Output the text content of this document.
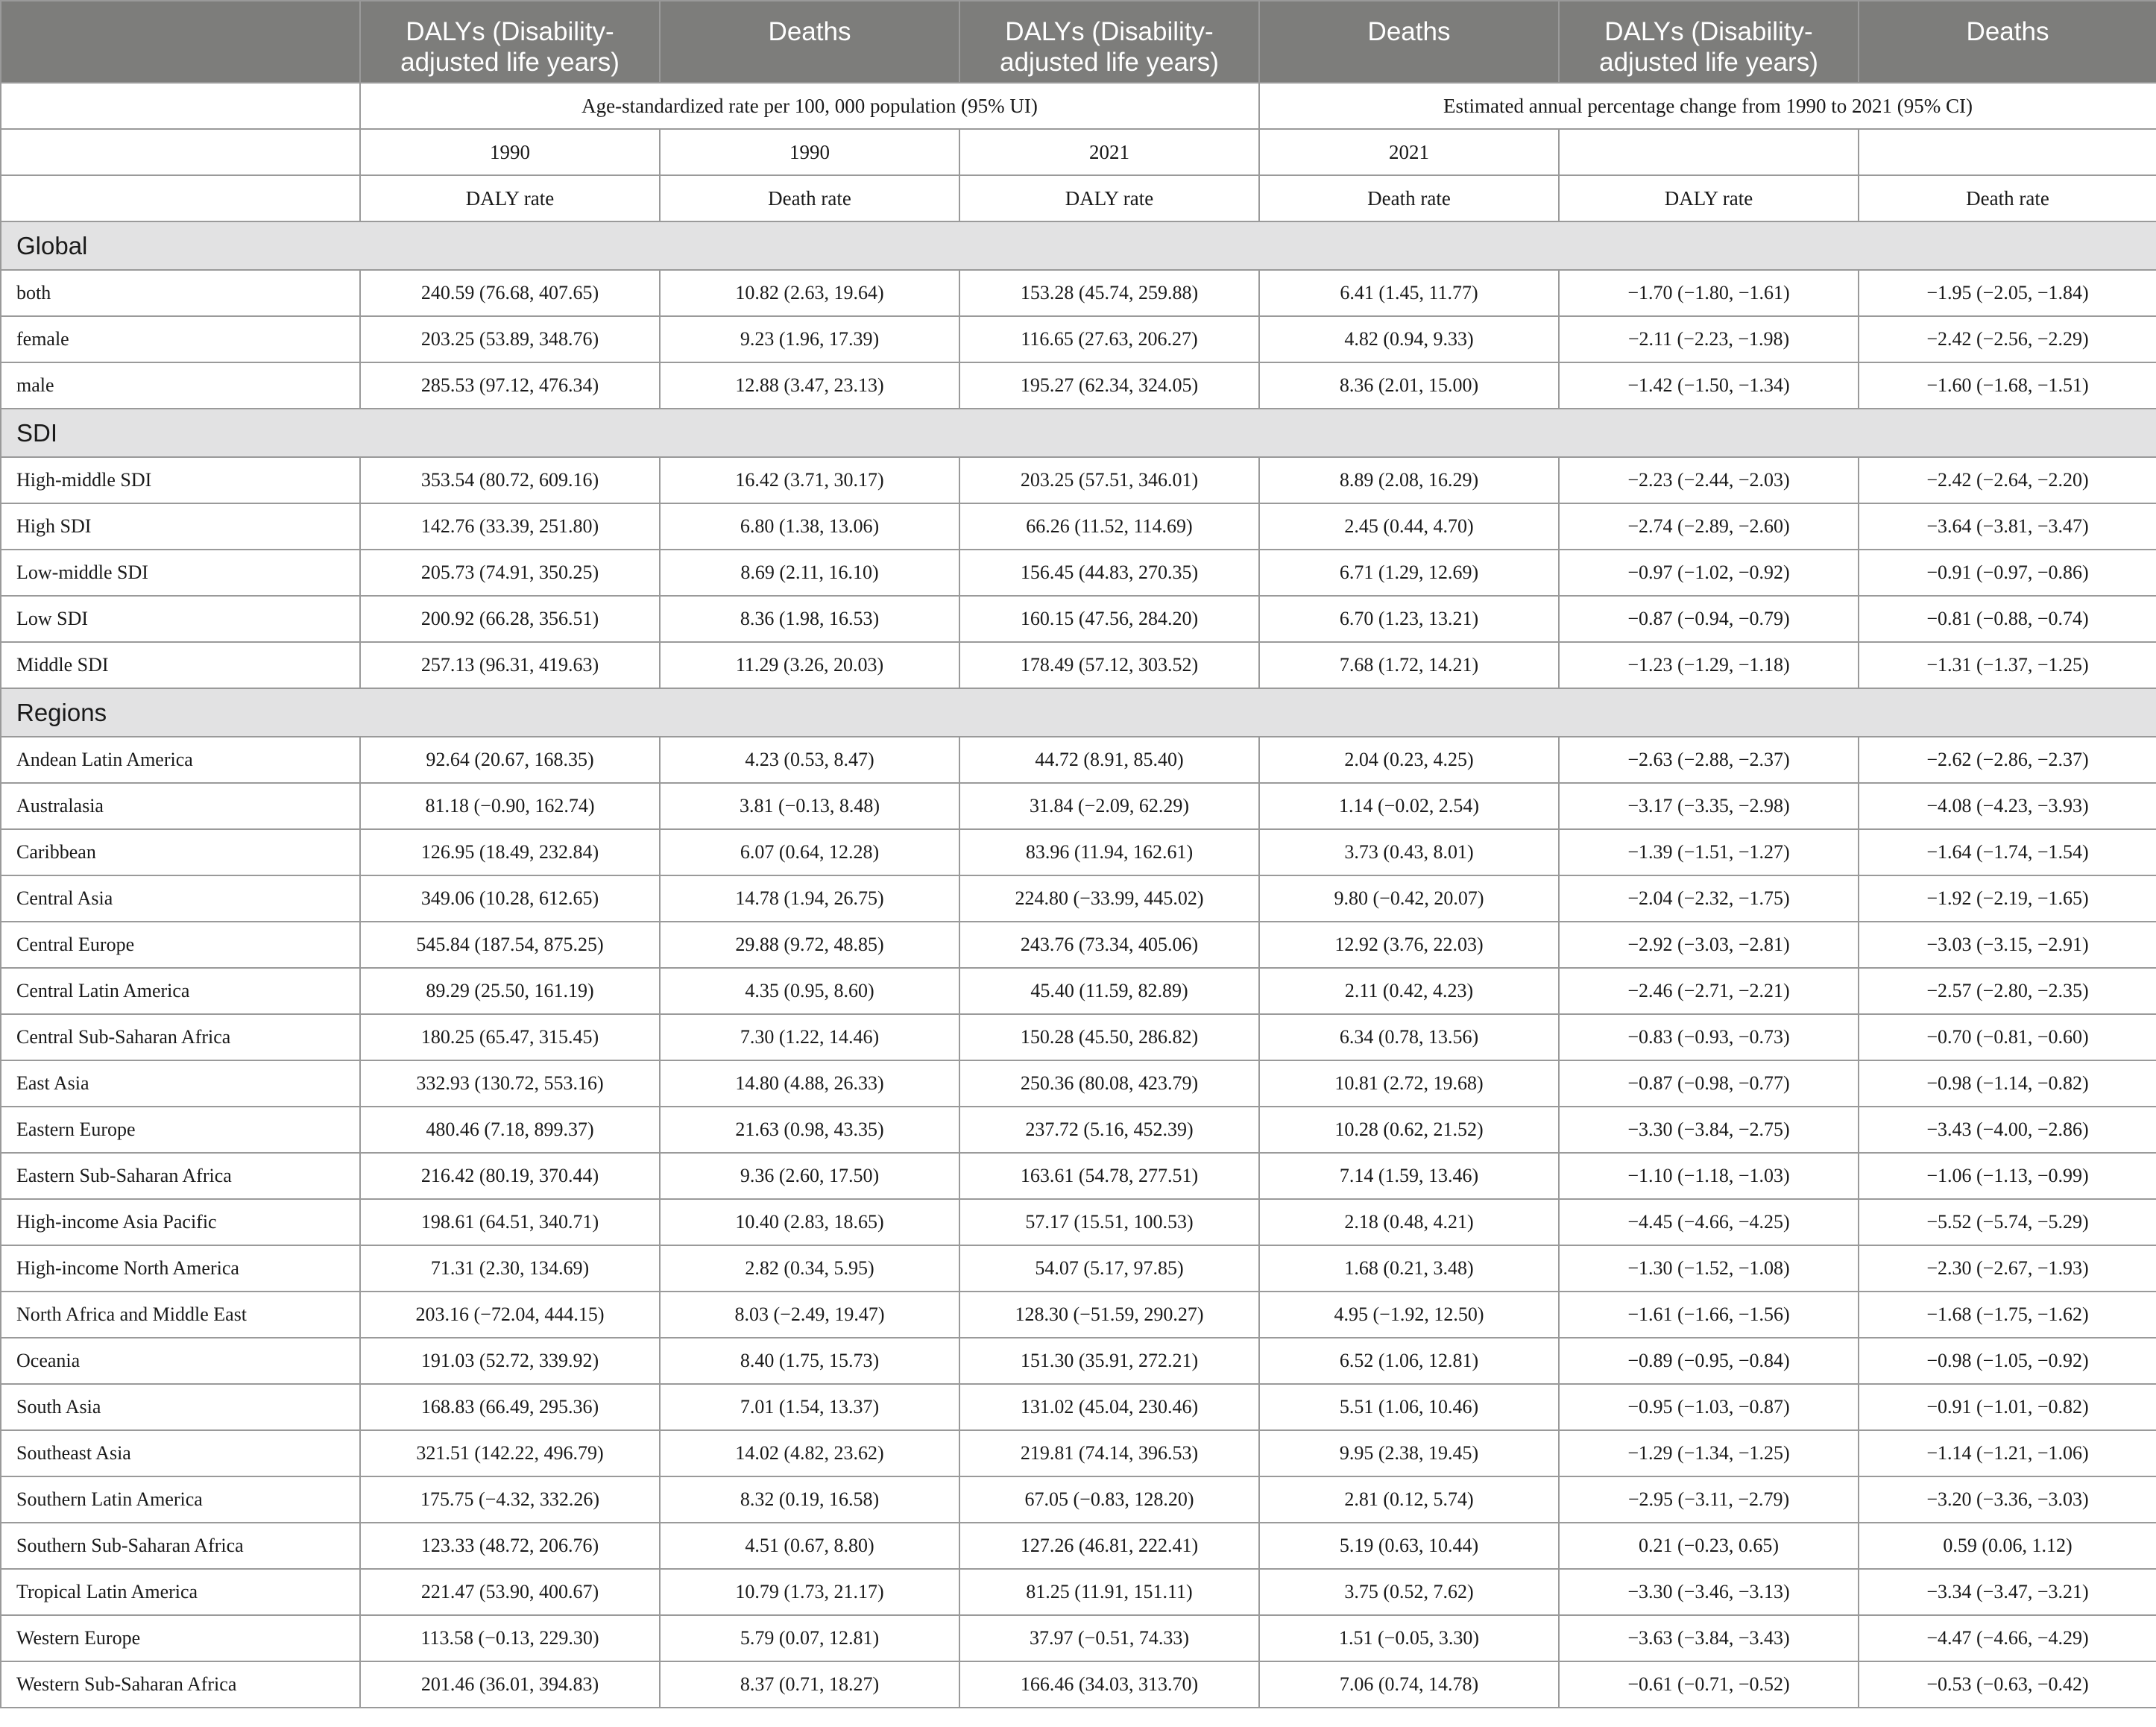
	DALYs (Disability-adjusted life years)	Deaths	DALYs (Disability-adjusted life years)	Deaths	DALYs (Disability-adjusted life years)	Deaths
	Age-standardized rate per 100, 000 population (95% UI)			Estimated annual percentage change from 1990 to 2021 (95% CI)		
	1990	1990	2021	2021		
	DALY rate	Death rate	DALY rate	Death rate	DALY rate	Death rate
Global						
both	240.59 (76.68, 407.65)	10.82 (2.63, 19.64)	153.28 (45.74, 259.88)	6.41 (1.45, 11.77)	−1.70 (−1.80, −1.61)	−1.95 (−2.05, −1.84)
female	203.25 (53.89, 348.76)	9.23 (1.96, 17.39)	116.65 (27.63, 206.27)	4.82 (0.94, 9.33)	−2.11 (−2.23, −1.98)	−2.42 (−2.56, −2.29)
male	285.53 (97.12, 476.34)	12.88 (3.47, 23.13)	195.27 (62.34, 324.05)	8.36 (2.01, 15.00)	−1.42 (−1.50, −1.34)	−1.60 (−1.68, −1.51)
SDI						
High-middle SDI	353.54 (80.72, 609.16)	16.42 (3.71, 30.17)	203.25 (57.51, 346.01)	8.89 (2.08, 16.29)	−2.23 (−2.44, −2.03)	−2.42 (−2.64, −2.20)
High SDI	142.76 (33.39, 251.80)	6.80 (1.38, 13.06)	66.26 (11.52, 114.69)	2.45 (0.44, 4.70)	−2.74 (−2.89, −2.60)	−3.64 (−3.81, −3.47)
Low-middle SDI	205.73 (74.91, 350.25)	8.69 (2.11, 16.10)	156.45 (44.83, 270.35)	6.71 (1.29, 12.69)	−0.97 (−1.02, −0.92)	−0.91 (−0.97, −0.86)
Low SDI	200.92 (66.28, 356.51)	8.36 (1.98, 16.53)	160.15 (47.56, 284.20)	6.70 (1.23, 13.21)	−0.87 (−0.94, −0.79)	−0.81 (−0.88, −0.74)
Middle SDI	257.13 (96.31, 419.63)	11.29 (3.26, 20.03)	178.49 (57.12, 303.52)	7.68 (1.72, 14.21)	−1.23 (−1.29, −1.18)	−1.31 (−1.37, −1.25)
Regions						
Andean Latin America	92.64 (20.67, 168.35)	4.23 (0.53, 8.47)	44.72 (8.91, 85.40)	2.04 (0.23, 4.25)	−2.63 (−2.88, −2.37)	−2.62 (−2.86, −2.37)
Australasia	81.18 (−0.90, 162.74)	3.81 (−0.13, 8.48)	31.84 (−2.09, 62.29)	1.14 (−0.02, 2.54)	−3.17 (−3.35, −2.98)	−4.08 (−4.23, −3.93)
Caribbean	126.95 (18.49, 232.84)	6.07 (0.64, 12.28)	83.96 (11.94, 162.61)	3.73 (0.43, 8.01)	−1.39 (−1.51, −1.27)	−1.64 (−1.74, −1.54)
Central Asia	349.06 (10.28, 612.65)	14.78 (1.94, 26.75)	224.80 (−33.99, 445.02)	9.80 (−0.42, 20.07)	−2.04 (−2.32, −1.75)	−1.92 (−2.19, −1.65)
Central Europe	545.84 (187.54, 875.25)	29.88 (9.72, 48.85)	243.76 (73.34, 405.06)	12.92 (3.76, 22.03)	−2.92 (−3.03, −2.81)	−3.03 (−3.15, −2.91)
Central Latin America	89.29 (25.50, 161.19)	4.35 (0.95, 8.60)	45.40 (11.59, 82.89)	2.11 (0.42, 4.23)	−2.46 (−2.71, −2.21)	−2.57 (−2.80, −2.35)
Central Sub-Saharan Africa	180.25 (65.47, 315.45)	7.30 (1.22, 14.46)	150.28 (45.50, 286.82)	6.34 (0.78, 13.56)	−0.83 (−0.93, −0.73)	−0.70 (−0.81, −0.60)
East Asia	332.93 (130.72, 553.16)	14.80 (4.88, 26.33)	250.36 (80.08, 423.79)	10.81 (2.72, 19.68)	−0.87 (−0.98, −0.77)	−0.98 (−1.14, −0.82)
Eastern Europe	480.46 (7.18, 899.37)	21.63 (0.98, 43.35)	237.72 (5.16, 452.39)	10.28 (0.62, 21.52)	−3.30 (−3.84, −2.75)	−3.43 (−4.00, −2.86)
Eastern Sub-Saharan Africa	216.42 (80.19, 370.44)	9.36 (2.60, 17.50)	163.61 (54.78, 277.51)	7.14 (1.59, 13.46)	−1.10 (−1.18, −1.03)	−1.06 (−1.13, −0.99)
High-income Asia Pacific	198.61 (64.51, 340.71)	10.40 (2.83, 18.65)	57.17 (15.51, 100.53)	2.18 (0.48, 4.21)	−4.45 (−4.66, −4.25)	−5.52 (−5.74, −5.29)
High-income North America	71.31 (2.30, 134.69)	2.82 (0.34, 5.95)	54.07 (5.17, 97.85)	1.68 (0.21, 3.48)	−1.30 (−1.52, −1.08)	−2.30 (−2.67, −1.93)
North Africa and Middle East	203.16 (−72.04, 444.15)	8.03 (−2.49, 19.47)	128.30 (−51.59, 290.27)	4.95 (−1.92, 12.50)	−1.61 (−1.66, −1.56)	−1.68 (−1.75, −1.62)
Oceania	191.03 (52.72, 339.92)	8.40 (1.75, 15.73)	151.30 (35.91, 272.21)	6.52 (1.06, 12.81)	−0.89 (−0.95, −0.84)	−0.98 (−1.05, −0.92)
South Asia	168.83 (66.49, 295.36)	7.01 (1.54, 13.37)	131.02 (45.04, 230.46)	5.51 (1.06, 10.46)	−0.95 (−1.03, −0.87)	−0.91 (−1.01, −0.82)
Southeast Asia	321.51 (142.22, 496.79)	14.02 (4.82, 23.62)	219.81 (74.14, 396.53)	9.95 (2.38, 19.45)	−1.29 (−1.34, −1.25)	−1.14 (−1.21, −1.06)
Southern Latin America	175.75 (−4.32, 332.26)	8.32 (0.19, 16.58)	67.05 (−0.83, 128.20)	2.81 (0.12, 5.74)	−2.95 (−3.11, −2.79)	−3.20 (−3.36, −3.03)
Southern Sub-Saharan Africa	123.33 (48.72, 206.76)	4.51 (0.67, 8.80)	127.26 (46.81, 222.41)	5.19 (0.63, 10.44)	0.21 (−0.23, 0.65)	0.59 (0.06, 1.12)
Tropical Latin America	221.47 (53.90, 400.67)	10.79 (1.73, 21.17)	81.25 (11.91, 151.11)	3.75 (0.52, 7.62)	−3.30 (−3.46, −3.13)	−3.34 (−3.47, −3.21)
Western Europe	113.58 (−0.13, 229.30)	5.79 (0.07, 12.81)	37.97 (−0.51, 74.33)	1.51 (−0.05, 3.30)	−3.63 (−3.84, −3.43)	−4.47 (−4.66, −4.29)
Western Sub-Saharan Africa	201.46 (36.01, 394.83)	8.37 (0.71, 18.27)	166.46 (34.03, 313.70)	7.06 (0.74, 14.78)	−0.61 (−0.71, −0.52)	−0.53 (−0.63, −0.42)
